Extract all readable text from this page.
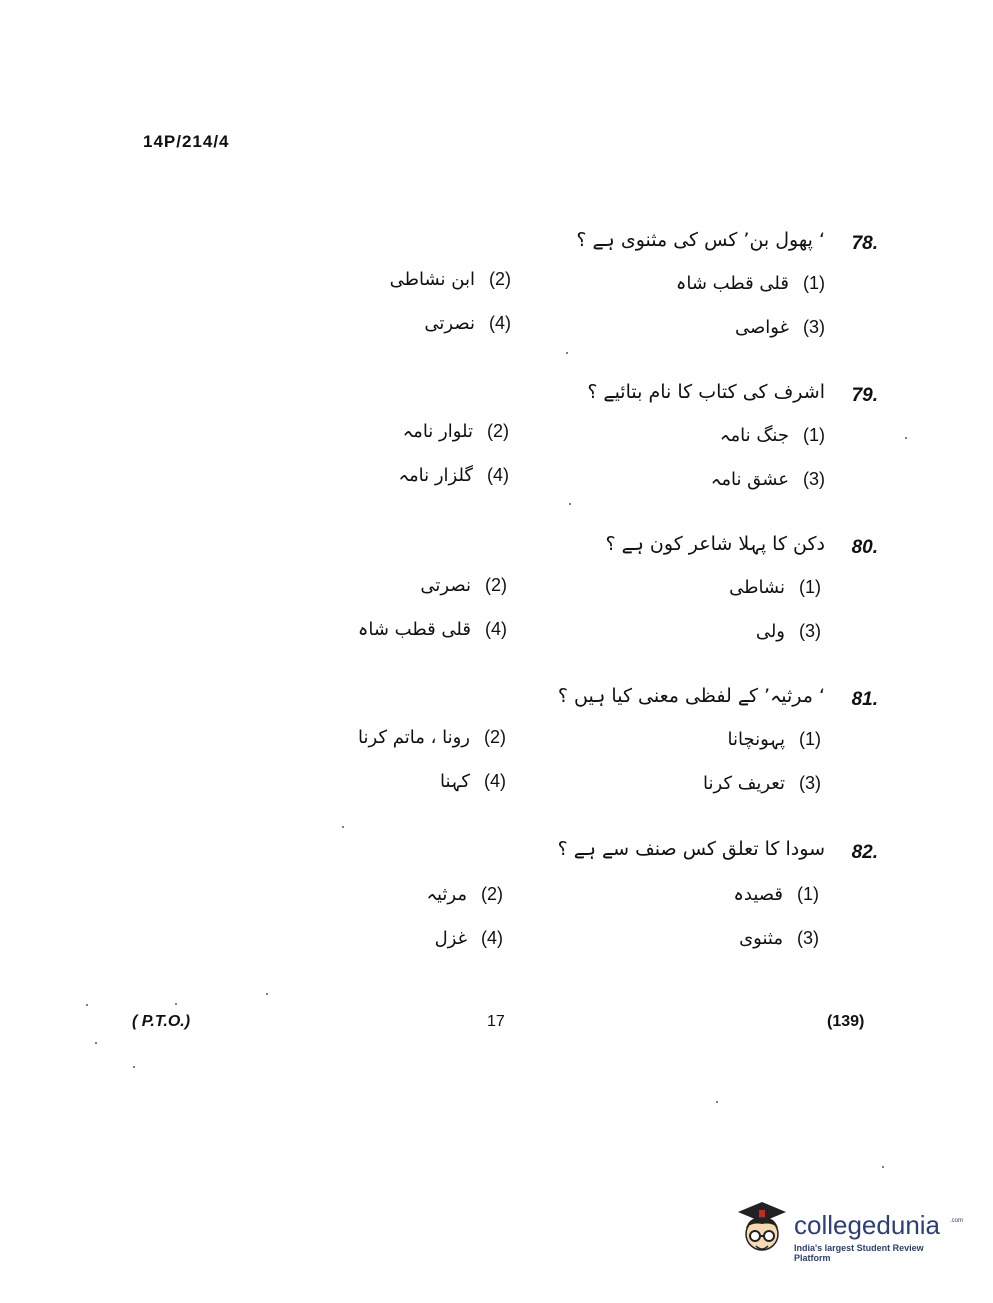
14P/214/4
78.
‘ پھول بن’ کس کی مثنوی ہے ؟
(1)قلی قطب شاہ
(2)ابن نشاطی
(3)غواصی
(4)نصرتی
79.
اشرف کی کتاب کا نام بتائیے ؟
(1)جنگ نامہ
(2)تلوار نامہ
(3)عشق نامہ
(4)گلزار نامہ
80.
دکن کا پہلا شاعر کون ہے ؟
(1)نشاطی
(2)نصرتی
(3)ولی
(4)قلی قطب شاہ
81.
‘ مرثیہ’ کے لفظی معنی کیا ہیں ؟
(1)پہونچانا
(2)رونا ، ماتم کرنا
(3)تعریف کرنا
(4)کہنا
82.
سودا کا تعلق کس صنف سے ہے ؟
(1)قصیدہ
(2)مرثیہ
(3)مثنوی
(4)غزل
( P.T.O.)	17	(139)
collegedunia .com
India's largest Student Review Platform
